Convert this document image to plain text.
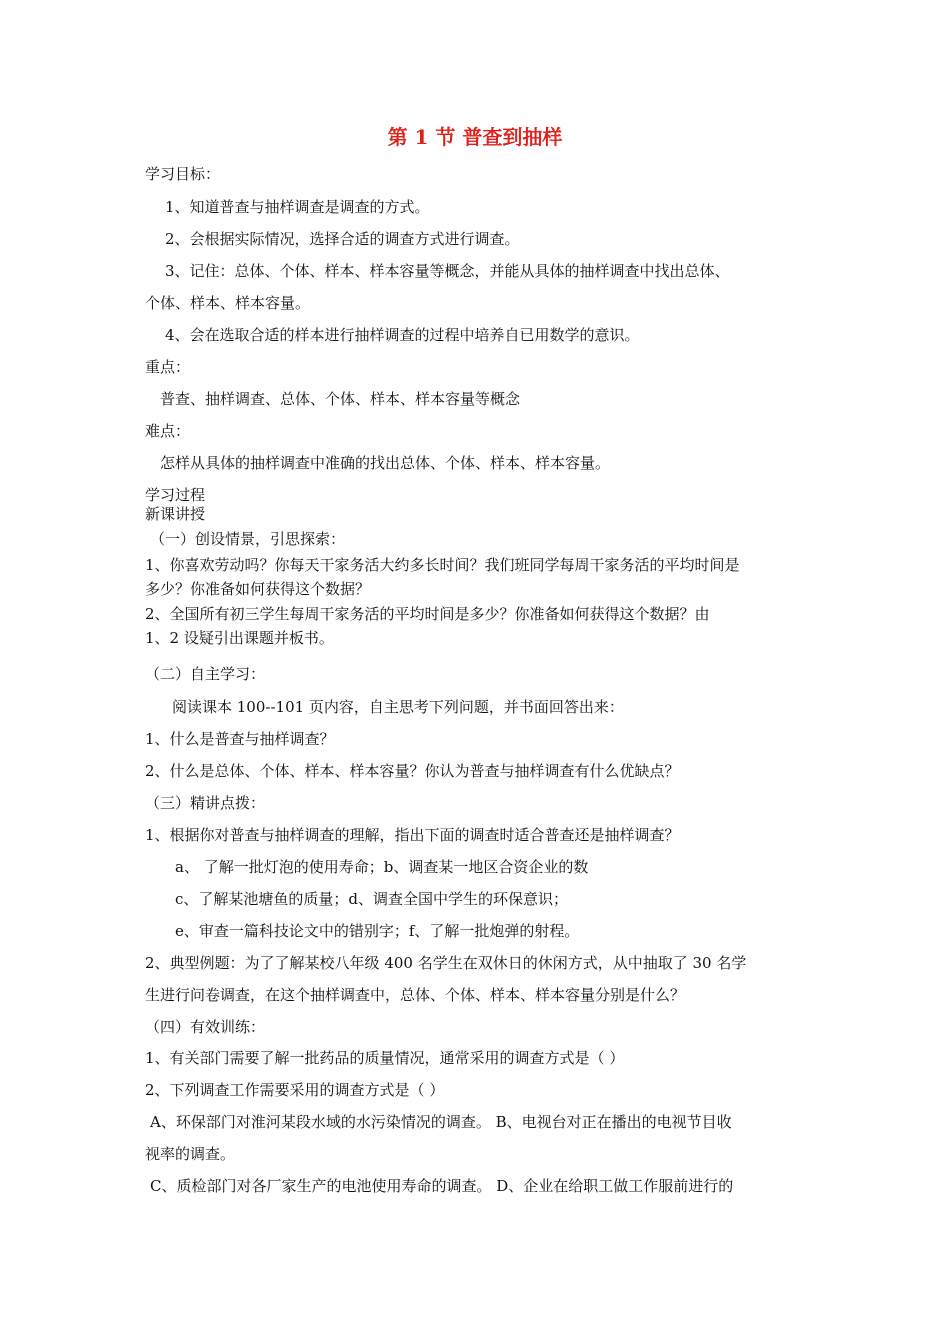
第 1 节 普查到抽样
学习目标：
1、知道普查与抽样调查是调查的方式。
2、会根据实际情况，选择合适的调查方式进行调查。
3、记住：总体、个体、样本、样本容量等概念，并能从具体的抽样调查中找出总体、
个体、样本、样本容量。
4、会在选取合适的样本进行抽样调查的过程中培养自已用数学的意识。
重点：
普查、抽样调查、总体、个体、样本、样本容量等概念
难点：
怎样从具体的抽样调查中准确的找出总体、个体、样本、样本容量。
学习过程
新课讲授
（一）创设情景，引思探索：
1、你喜欢劳动吗？你每天干家务活大约多长时间？我们班同学每周干家务活的平均时间是
多少？你准备如何获得这个数据？
2、全国所有初三学生每周干家务活的平均时间是多少？你准备如何获得这个数据？由
1、2 设疑引出课题并板书。
（二）自主学习：
阅读课本 100--101 页内容，自主思考下列问题，并书面回答出来：
1、什么是普查与抽样调查？
2、什么是总体、个体、样本、样本容量？你认为普查与抽样调查有什么优缺点？
（三）精讲点拨：
1、根据你对普查与抽样调查的理解，指出下面的调查时适合普查还是抽样调查？
a、 了解一批灯泡的使用寿命；b、调查某一地区合资企业的数
c、了解某池塘鱼的质量；d、调查全国中学生的环保意识；
e、审查一篇科技论文中的错别字；f、了解一批炮弹的射程。
2、典型例题：为了了解某校八年级 400 名学生在双休日的休闲方式，从中抽取了 30 名学
生进行问卷调查，在这个抽样调查中，总体、个体、样本、样本容量分别是什么？
（四）有效训练：
1、有关部门需要了解一批药品的质量情况，通常采用的调查方式是（ ）
2、下列调查工作需要采用的调查方式是（ ）
A、环保部门对淮河某段水域的水污染情况的调查。 B、电视台对正在播出的电视节目收
视率的调查。
C、质检部门对各厂家生产的电池使用寿命的调查。 D、企业在给职工做工作服前进行的
